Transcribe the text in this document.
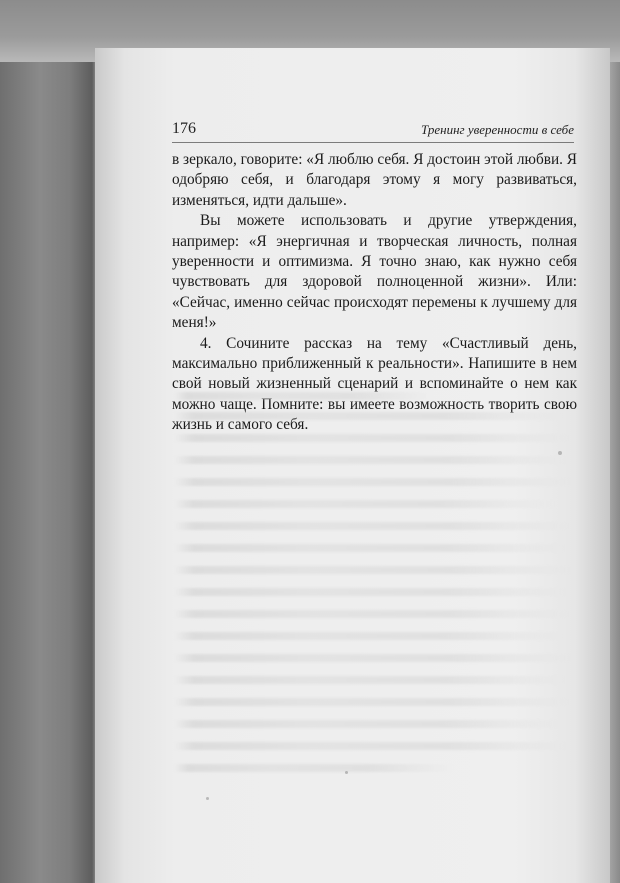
176	Тренинг уверенности в себе

в зеркало, говорите: «Я люблю себя. Я достоин этой любви. Я одобряю себя, и благодаря этому я могу развиваться, изменяться, идти дальше».

Вы можете использовать и другие утверждения, например: «Я энергичная и творческая личность, полная уверенности и оптимизма. Я точно знаю, как нужно себя чувствовать для здоровой полноценной жизни». Или: «Сейчас, именно сейчас происходят перемены к лучшему для меня!»

4. Сочините рассказ на тему «Счастливый день, максимально приближенный к реальности». Напишите в нем свой новый жизненный сценарий и вспоминайте о нем как можно чаще. Помните: вы имеете возможность творить свою жизнь и самого себя.
